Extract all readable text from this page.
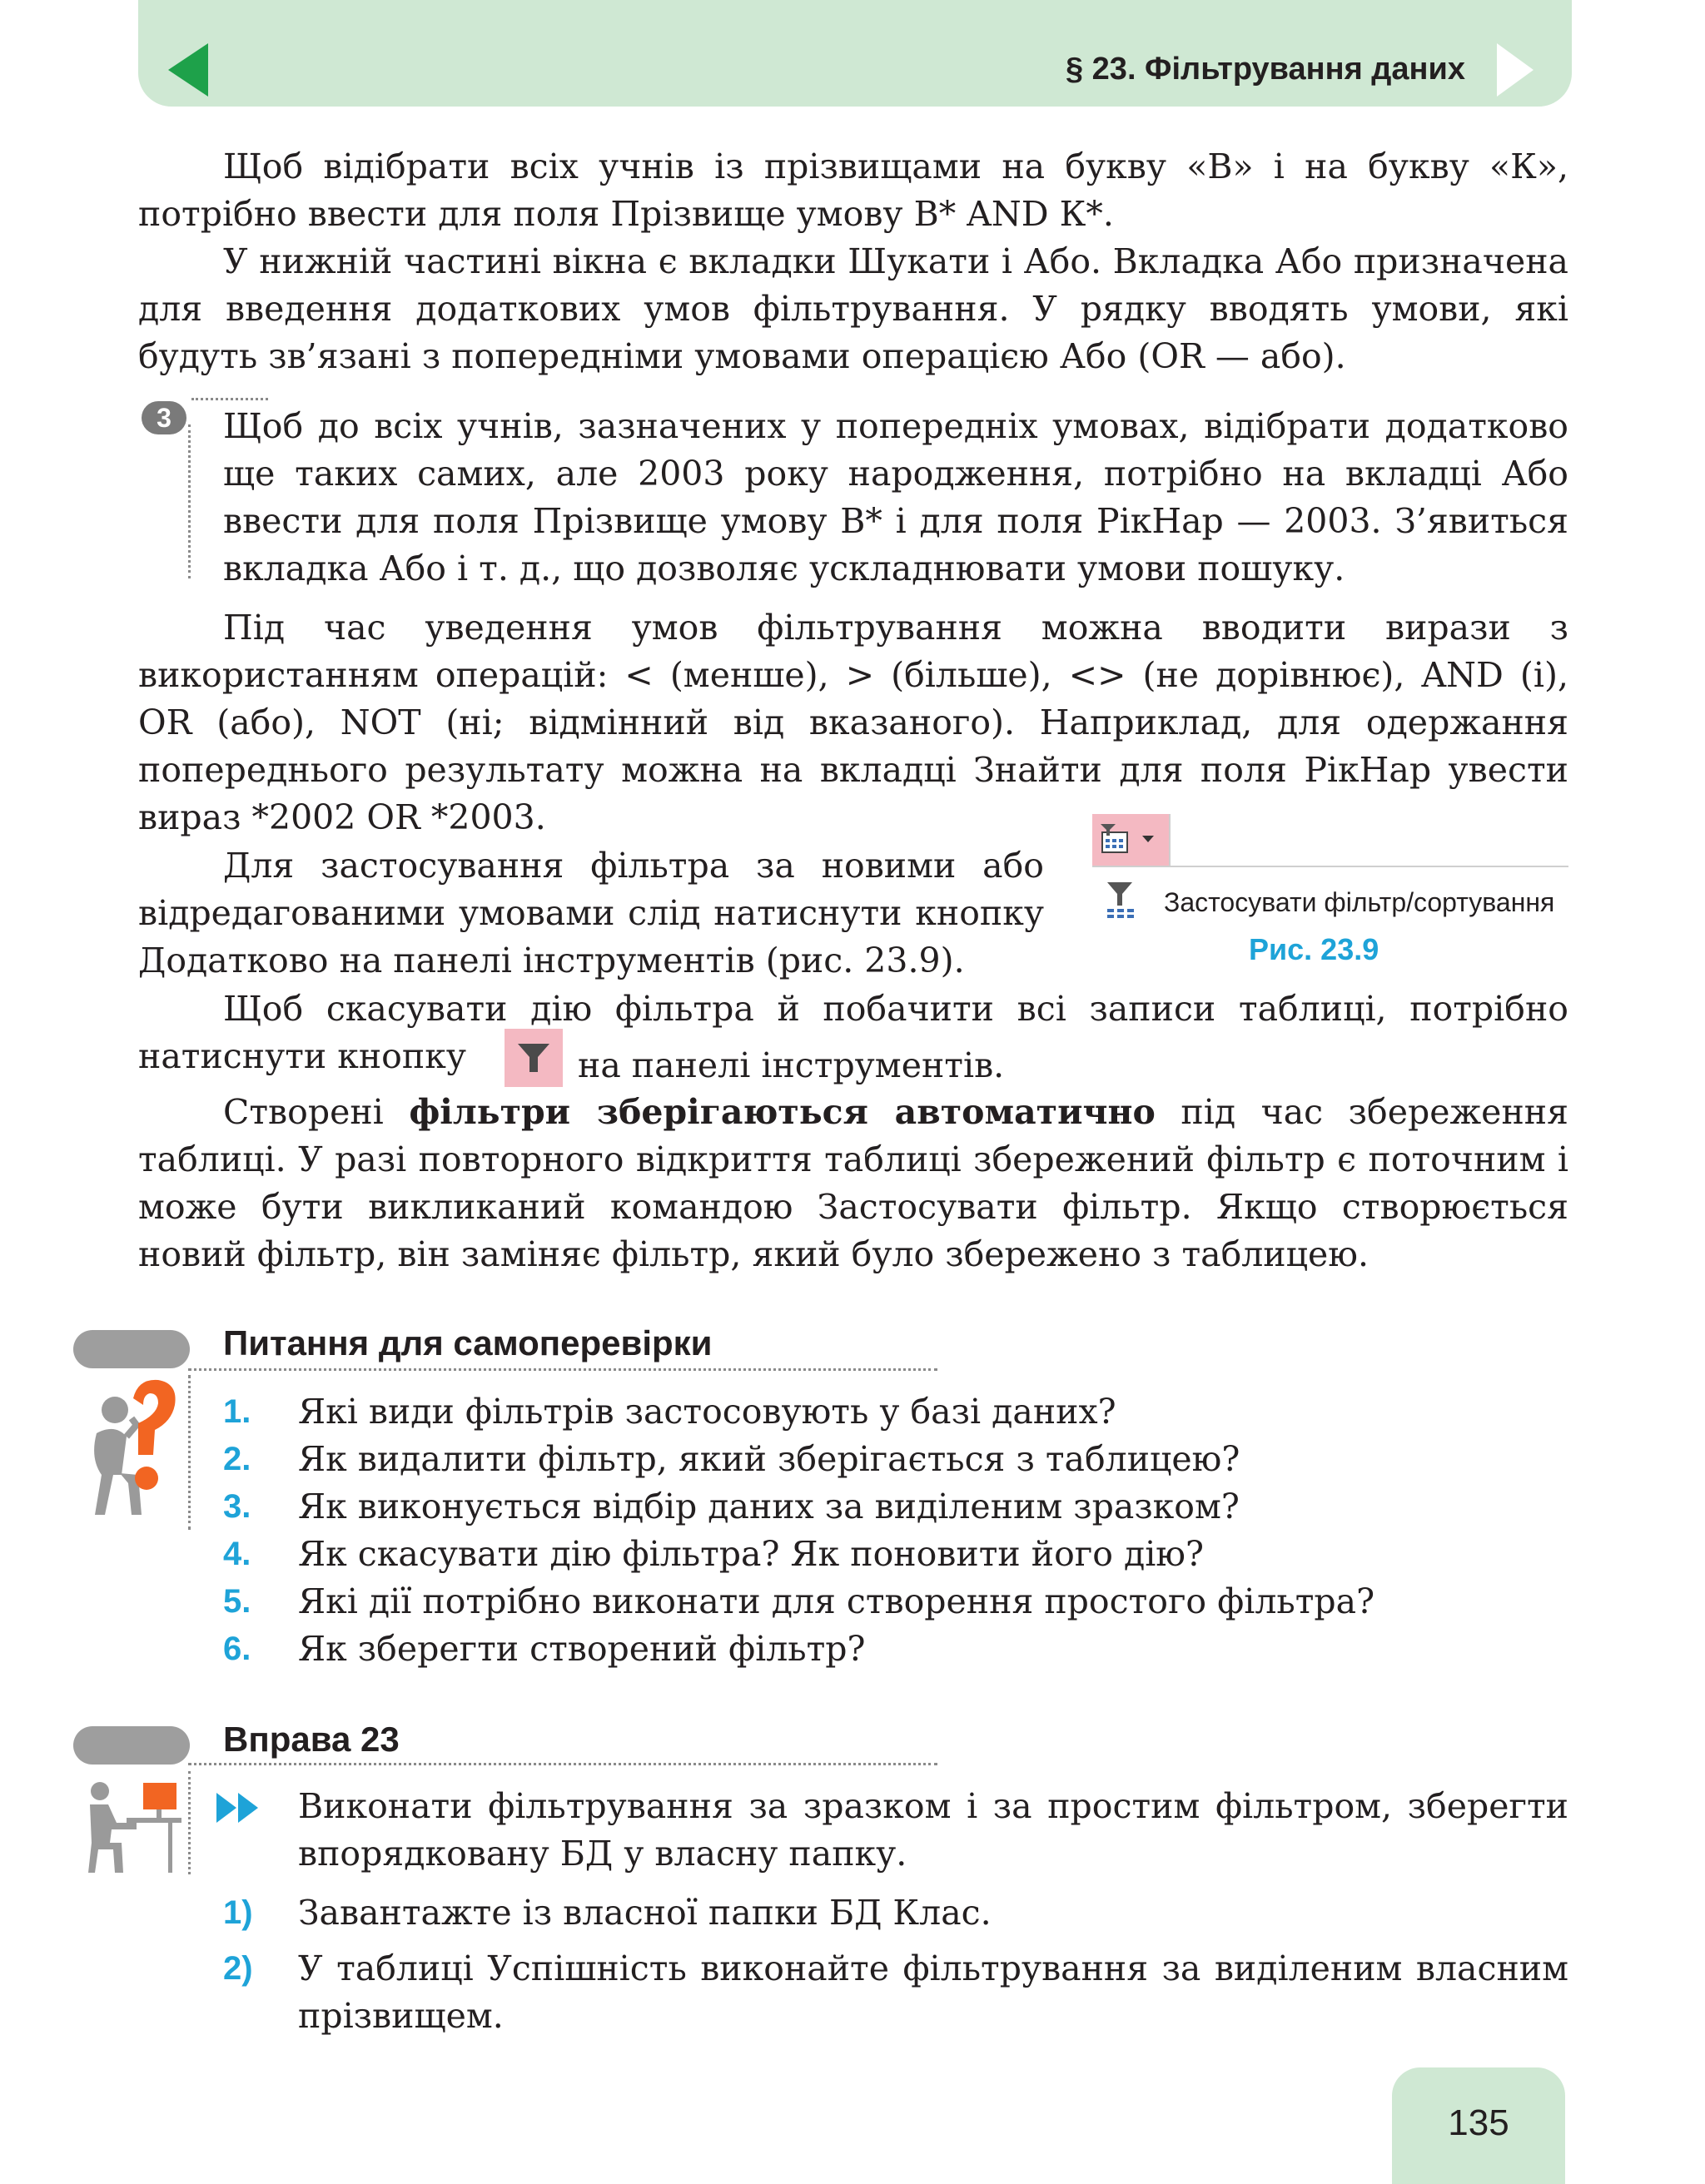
§ 23. Фільтрування даних

Щоб відібрати всіх учнів із прізвищами на букву «В» і на букву «К», потрібно ввести для поля Прізвище умову В* AND К*.

У нижній частині вікна є вкладки Шукати і Або. Вкладка Або призначена для введення додаткових умов фільтрування. У рядку вводять умови, які будуть зв’язані з попередніми умовами операцією Або (OR — або).

3	Щоб до всіх учнів, зазначених у попередніх умовах, відібрати додатково ще таких самих, але 2003 року народження, потрібно на вкладці Або ввести для поля Прізвище умову В* і для поля РікНар — 2003. З’явиться вкладка Або і т. д., що дозволяє ускладнювати умови пошуку.

Під час уведення умов фільтрування можна вводити вирази з використанням операцій: < (менше), > (більше), <> (не дорівнює), AND (і), OR (або), NOT (ні; відмінний від вказаного). Наприклад, для одержання попереднього результату можна на вкладці Знайти для поля РікНар увести вираз *2002 OR *2003.

Для застосування фільтра за новими або відредагованими умовами слід натиснути кнопку Додатково на панелі інструментів (рис. 23.9).

Застосувати фільтр/сортування
Рис. 23.9

Щоб скасувати дію фільтра й побачити всі записи таблиці, потрібно натиснути кнопку	на панелі інструментів.

Створені фільтри зберігаються автоматично під час збереження таблиці. У разі повторного відкриття таблиці збережений фільтр є поточним і може бути викликаний командою Застосувати фільтр. Якщо створюється новий фільтр, він заміняє фільтр, який було збережено з таблицею.

Питання для самоперевірки
1. Які види фільтрів застосовують у базі даних?
2. Як видалити фільтр, який зберігається з таблицею?
3. Як виконується відбір даних за виділеним зразком?
4. Як скасувати дію фільтра? Як поновити його дію?
5. Які дії потрібно виконати для створення простого фільтра?
6. Як зберегти створений фільтр?
Вправа 23

Виконати фільтрування за зразком і за простим фільтром, зберегти впорядковану БД у власну папку.

1) Завантажте із власної папки БД Клас.
2) У таблиці Успішність виконайте фільтрування за виділеним власним прізвищем.
135
